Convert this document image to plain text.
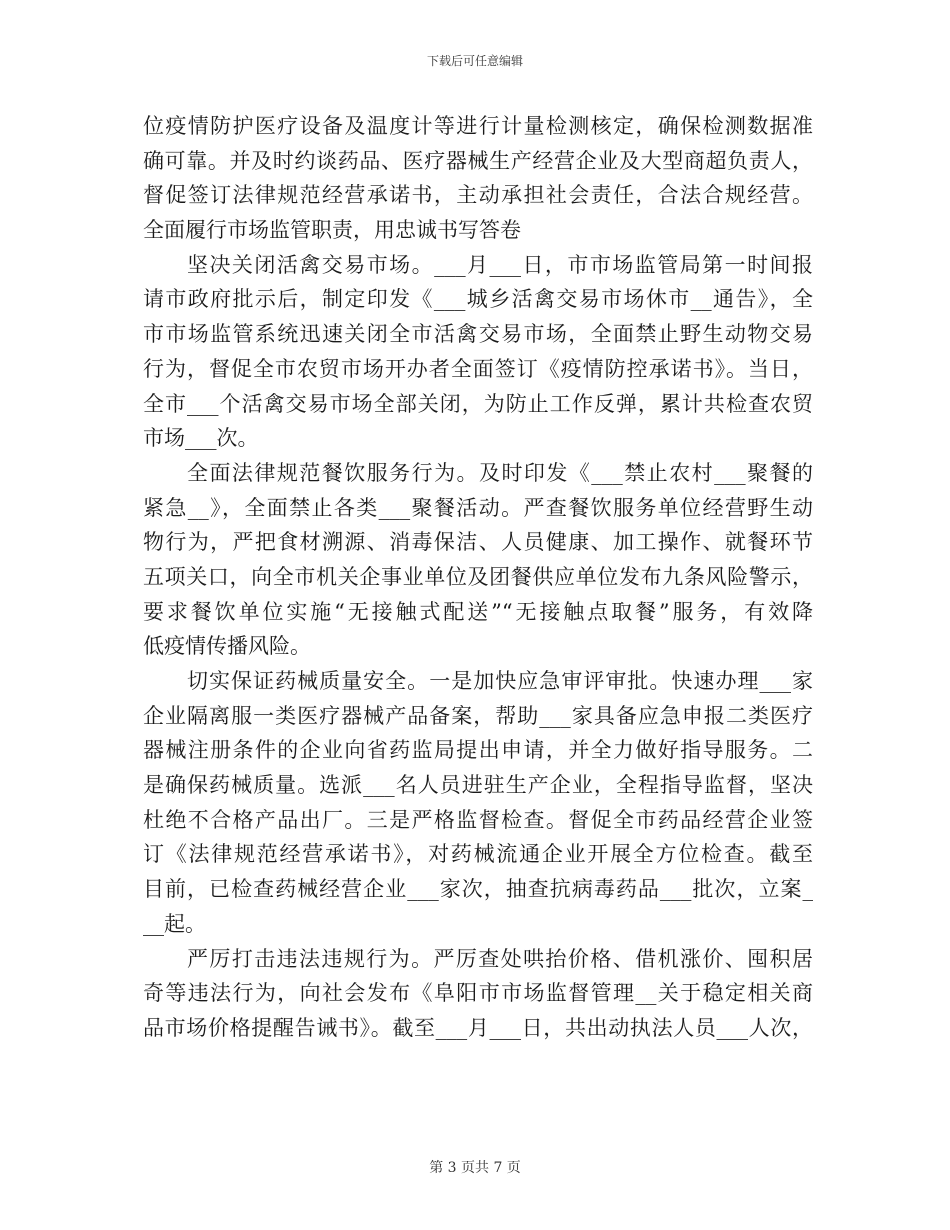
下载后可任意编辑
位疫情防护医疗设备及温度计等进行计量检测核定，确保检测数据准
确可靠。并及时约谈药品、医疗器械生产经营企业及大型商超负责人，
督促签订法律规范经营承诺书，主动承担社会责任，合法合规经营。
全面履行市场监管职责，用忠诚书写答卷
坚决关闭活禽交易市场。___月___日，市市场监管局第一时间报
请市政府批示后，制定印发《___城乡活禽交易市场休市__通告》，全
市市场监管系统迅速关闭全市活禽交易市场，全面禁止野生动物交易
行为，督促全市农贸市场开办者全面签订《疫情防控承诺书》。当日，
全市___个活禽交易市场全部关闭，为防止工作反弹，累计共检查农贸
市场___次。
全面法律规范餐饮服务行为。及时印发《___禁止农村___聚餐的
紧急__》，全面禁止各类___聚餐活动。严查餐饮服务单位经营野生动
物行为，严把食材溯源、消毒保洁、人员健康、加工操作、就餐环节
五项关口，向全市机关企事业单位及团餐供应单位发布九条风险警示，
要求餐饮单位实施“无接触式配送”“无接触点取餐”服务，有效降
低疫情传播风险。
切实保证药械质量安全。一是加快应急审评审批。快速办理___家
企业隔离服一类医疗器械产品备案，帮助___家具备应急申报二类医疗
器械注册条件的企业向省药监局提出申请，并全力做好指导服务。二
是确保药械质量。选派___名人员进驻生产企业，全程指导监督，坚决
杜绝不合格产品出厂。三是严格监督检查。督促全市药品经营企业签
订《法律规范经营承诺书》，对药械流通企业开展全方位检查。截至
目前，已检查药械经营企业___家次，抽查抗病毒药品___批次，立案_
__起。
严厉打击违法违规行为。严厉查处哄抬价格、借机涨价、囤积居
奇等违法行为，向社会发布《阜阳市市场监督管理__关于稳定相关商
品市场价格提醒告诫书》。截至___月___日，共出动执法人员___人次，
第 3 页共 7 页
